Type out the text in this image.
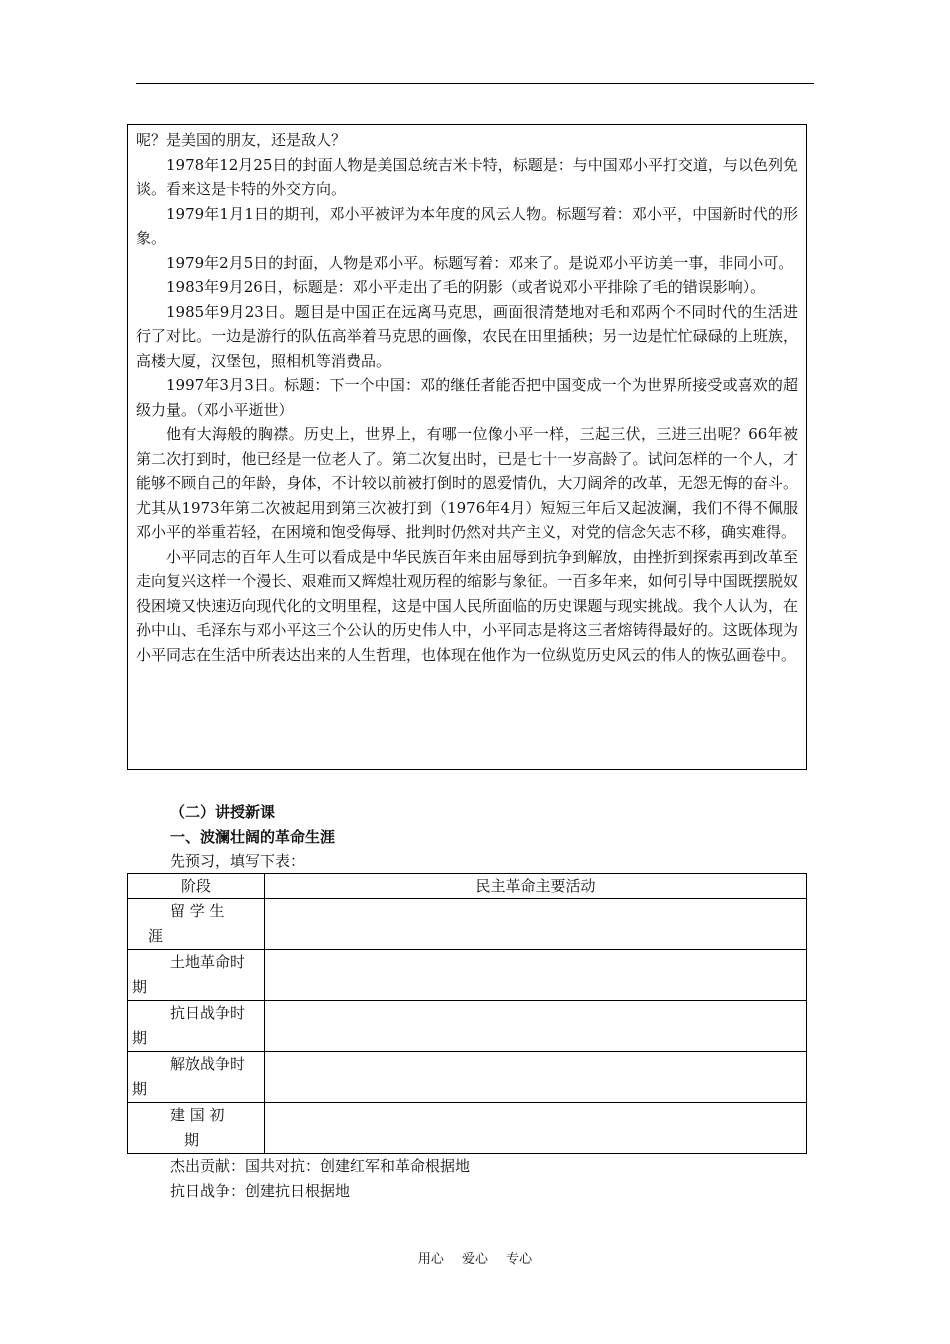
呢？是美国的朋友，还是敌人？

1978年12月25日的封面人物是美国总统吉米卡特，标题是：与中国邓小平打交道，与以色列免谈。看来这是卡特的外交方向。

1979年1月1日的期刊，邓小平被评为本年度的风云人物。标题写着：邓小平，中国新时代的形象。

1979年2月5日的封面，人物是邓小平。标题写着：邓来了。是说邓小平访美一事，非同小可。

1983年9月26日，标题是：邓小平走出了毛的阴影（或者说邓小平排除了毛的错误影响）。

1985年9月23日。题目是中国正在远离马克思，画面很清楚地对毛和邓两个不同时代的生活进行了对比。一边是游行的队伍高举着马克思的画像，农民在田里插秧；另一边是忙忙碌碌的上班族，高楼大厦，汉堡包，照相机等消费品。

1997年3月3日。标题：下一个中国：邓的继任者能否把中国变成一个为世界所接受或喜欢的超级力量。（邓小平逝世）

他有大海般的胸襟。历史上，世界上，有哪一位像小平一样，三起三伏，三进三出呢？66年被第二次打到时，他已经是一位老人了。第二次复出时，已是七十一岁高龄了。试问怎样的一个人，才能够不顾自己的年龄，身体，不计较以前被打倒时的恩爱情仇，大刀阔斧的改革，无怨无悔的奋斗。尤其从1973年第二次被起用到第三次被打到（1976年4月）短短三年后又起波澜，我们不得不佩服邓小平的举重若轻，在困境和饱受侮辱、批判时仍然对共产主义，对党的信念矢志不移，确实难得。

小平同志的百年人生可以看成是中华民族百年来由屈辱到抗争到解放，由挫折到探索再到改革至走向复兴这样一个漫长、艰难而又辉煌壮观历程的缩影与象征。一百多年来，如何引导中国既摆脱奴役困境又快速迈向现代化的文明里程，这是中国人民所面临的历史课题与现实挑战。我个人认为，在孙中山、毛泽东与邓小平这三个公认的历史伟人中，小平同志是将这三者熔铸得最好的。这既体现为小平同志在生活中所表达出来的人生哲理，也体现在他作为一位纵览历史风云的伟人的恢弘画卷中。

（二）讲授新课
一、波澜壮阔的革命生涯
先预习，填写下表：
阶段	民主革命主要活动

留 学 生
涯	

土地革命时
期	

抗日战争时
期	

解放战争时
期	

建 国 初
期	

杰出贡献：国共对抗：创建红军和革命根据地
抗日战争：创建抗日根据地
用心 爱心 专心
